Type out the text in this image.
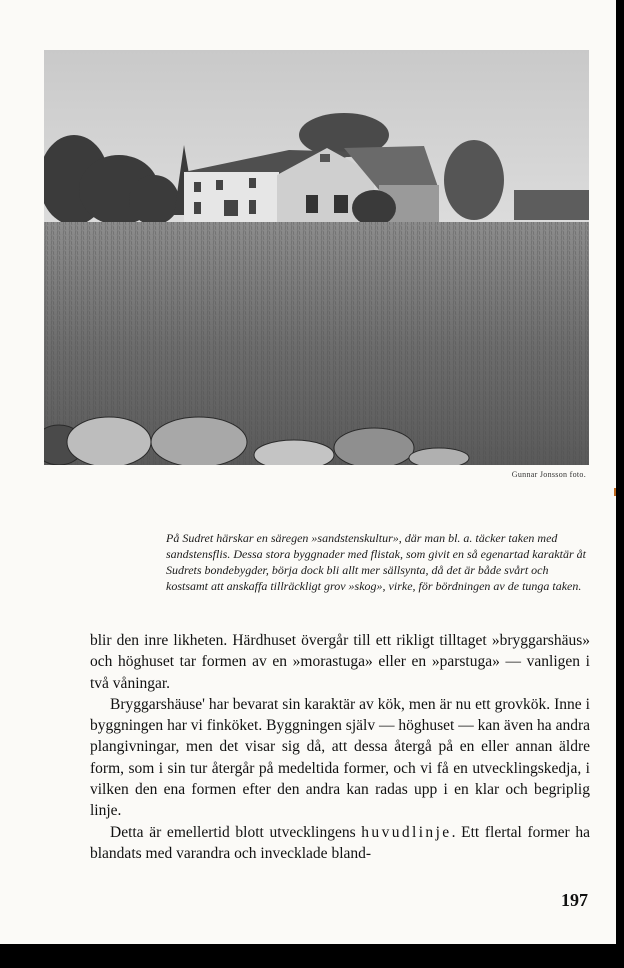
Gunnar Jonsson foto.
På Sudret härskar en säregen »sandstenskultur», där man bl. a. täcker taken med sandstensflis. Dessa stora byggnader med flistak, som givit en så egenartad karaktär åt Sudrets bondebygder, börja dock bli allt mer sällsynta, då det är både svårt och kostsamt att anskaffa tillräckligt grov »skog», virke, för bördningen av de tunga taken.

blir den inre likheten. Härdhuset övergår till ett rikligt tilltaget »bryggarshäus» och höghuset tar formen av en »morastuga» eller en »parstuga» — vanligen i två våningar.

Bryggarshäuse' har bevarat sin karaktär av kök, men är nu ett grovkök. Inne i byggningen har vi finköket. Byggningen själv — höghuset — kan även ha andra plangivningar, men det visar sig då, att dessa återgå på en eller annan äldre form, som i sin tur återgår på medeltida former, och vi få en utvecklingskedja, i vilken den ena formen efter den andra kan radas upp i en klar och begriplig linje.

Detta är emellertid blott utvecklingens huvudlinje. Ett flertal former ha blandats med varandra och invecklade bland-

197
